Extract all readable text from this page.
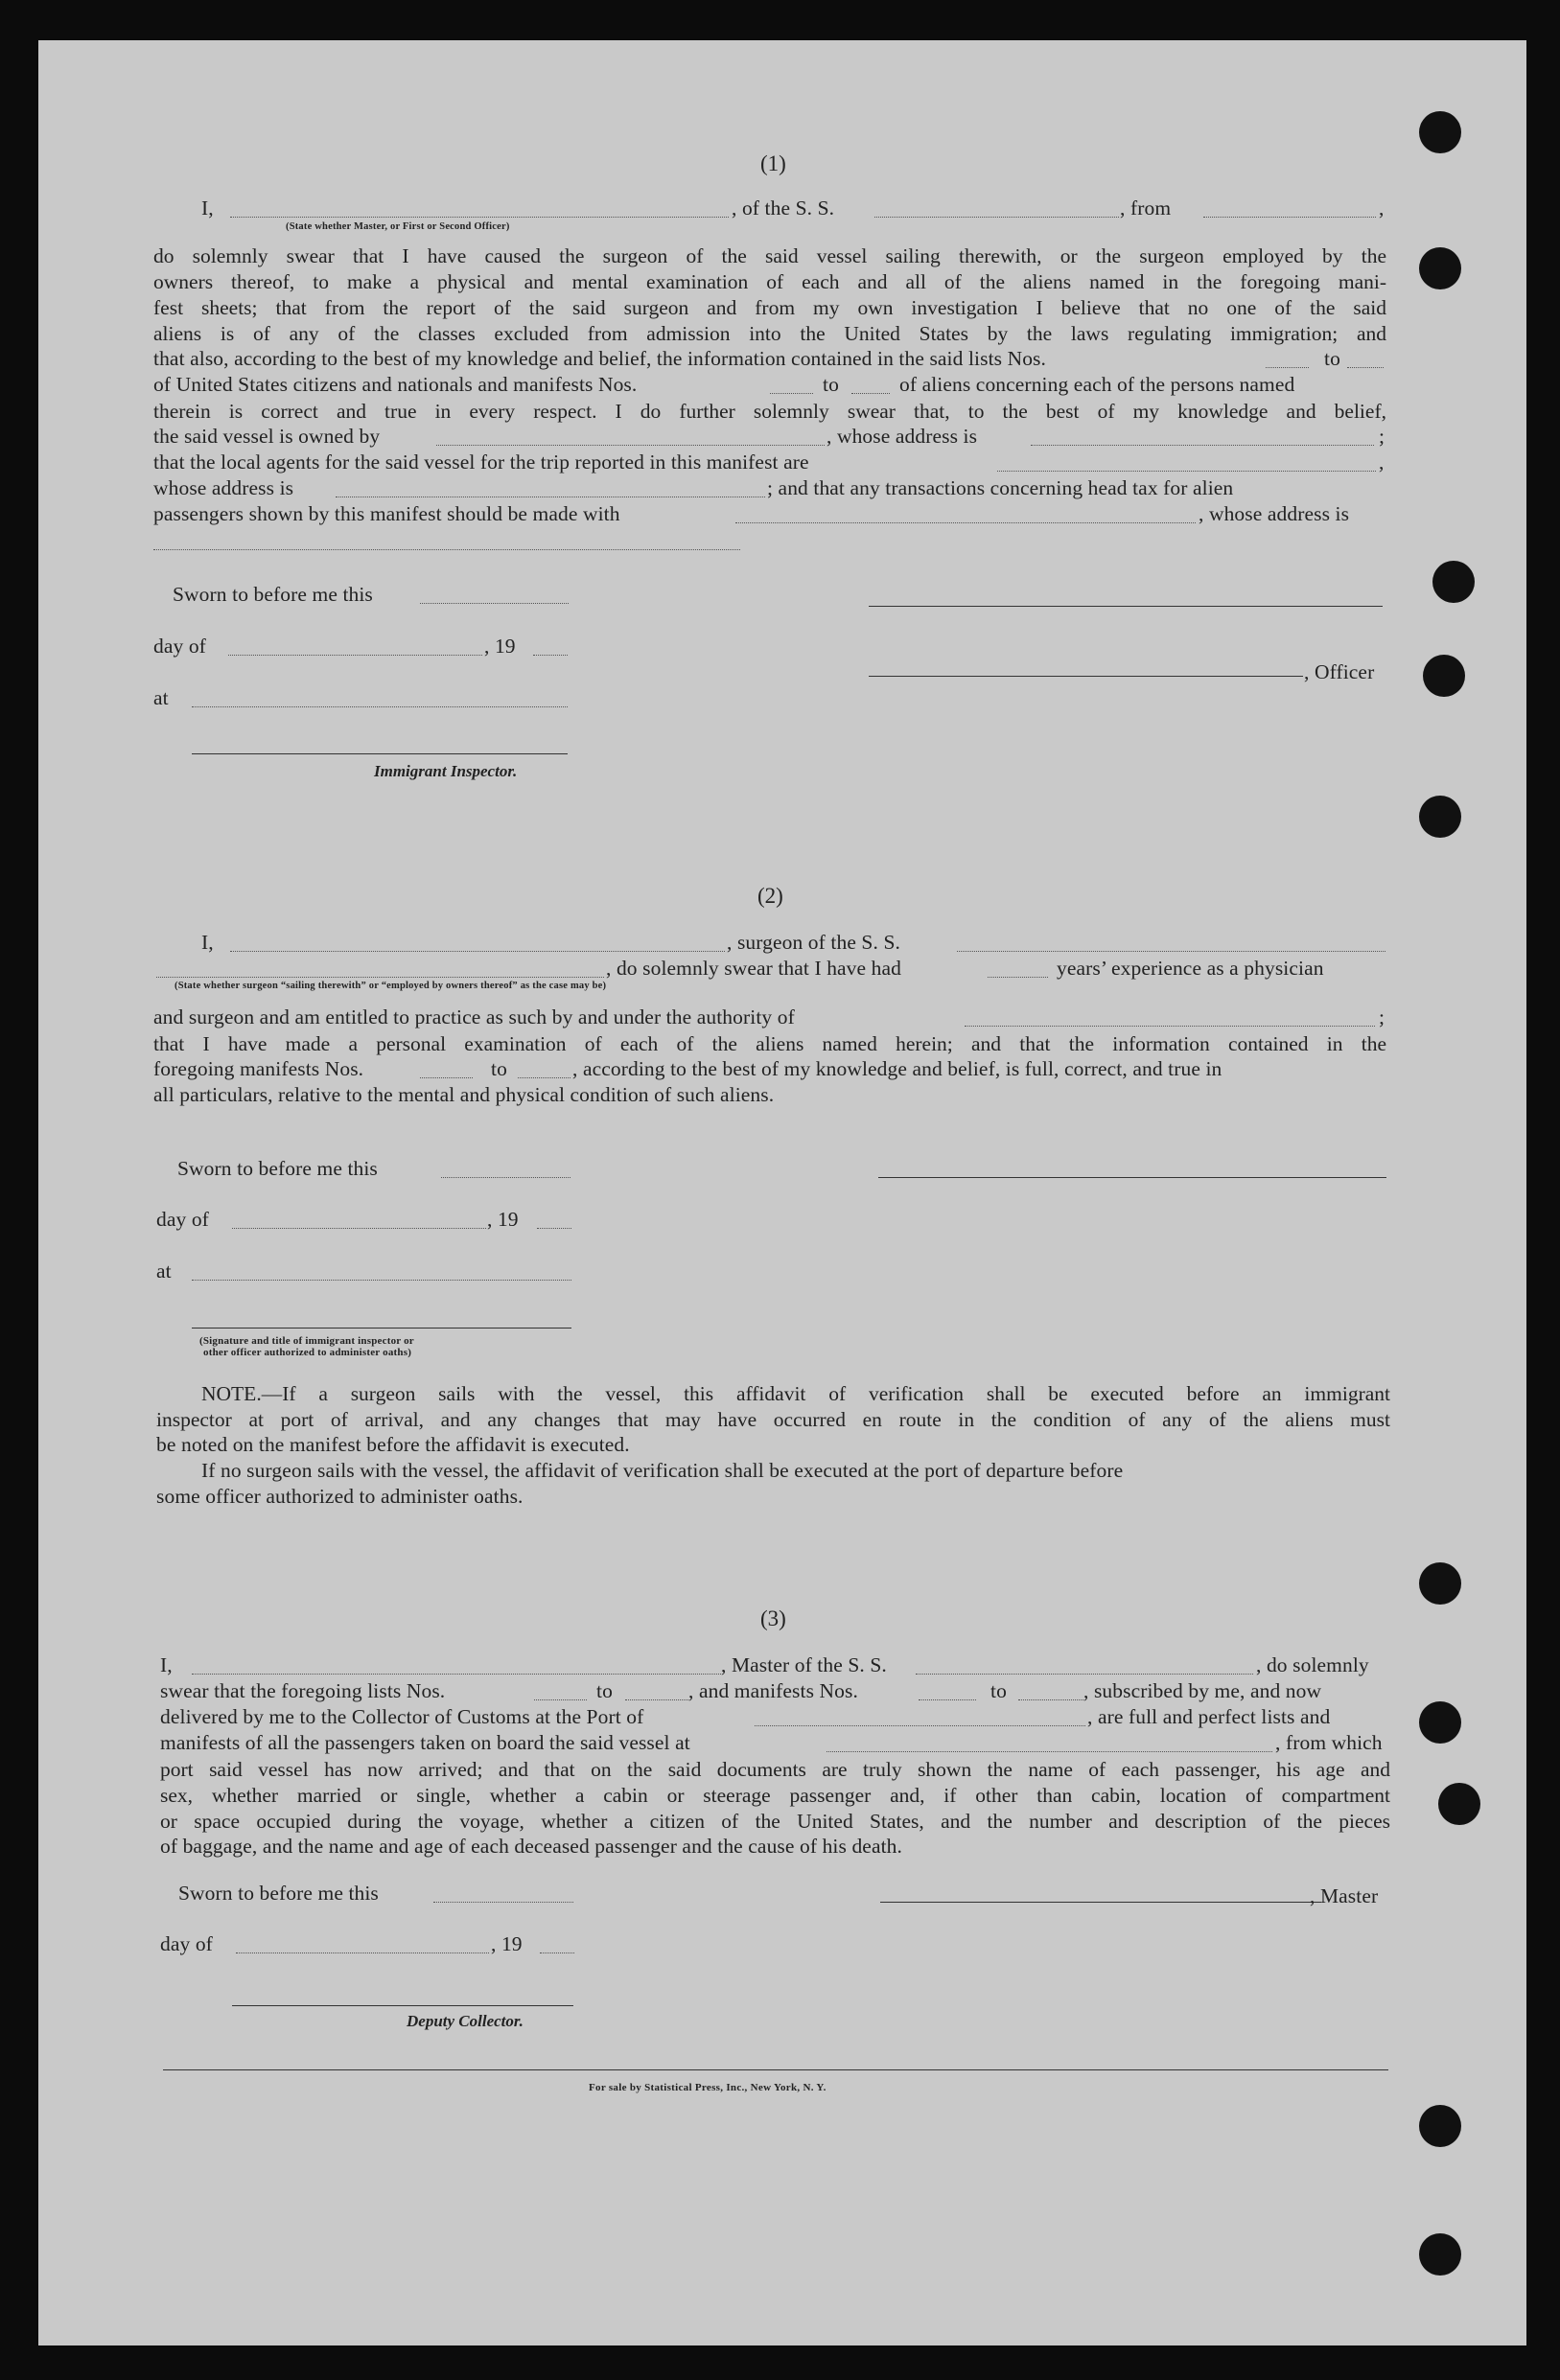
(1)
I,	, of the S. S.	, from	,
(State whether Master, or First or Second Officer)
do solemnly swear that I have caused the surgeon of the said vessel sailing therewith, or the surgeon employed by the
owners thereof, to make a physical and mental examination of each and all of the aliens named in the foregoing mani-
fest sheets; that from the report of the said surgeon and from my own investigation I believe that no one of the said
aliens is of any of the classes excluded from admission into the United States by the laws regulating immigration; and
that also, according to the best of my knowledge and belief, the information contained in the said lists Nos.	to
of United States citizens and nationals and manifests Nos.	to	of aliens concerning each of the persons named
therein is correct and true in every respect. I do further solemnly swear that, to the best of my knowledge and belief,
the said vessel is owned by	, whose address is	;
that the local agents for the said vessel for the trip reported in this manifest are	,
whose address is	; and that any transactions concerning head tax for alien
passengers shown by this manifest should be made with	, whose address is
Sworn to before me this
day of	, 19
, Officer
at
Immigrant Inspector.
(2)
I,	, surgeon of the S. S.
, do solemnly swear that I have had	years’ experience as a physician
(State whether surgeon “sailing therewith” or “employed by owners thereof” as the case may be)
and surgeon and am entitled to practice as such by and under the authority of	;
that I have made a personal examination of each of the aliens named herein; and that the information contained in the
foregoing manifests Nos.	to	, according to the best of my knowledge and belief, is full, correct, and true in
all particulars, relative to the mental and physical condition of such aliens.
Sworn to before me this
day of	, 19
at
(Signature and title of immigrant inspector or
other officer authorized to administer oaths)
NOTE.—If a surgeon sails with the vessel, this affidavit of verification shall be executed before an immigrant
inspector at port of arrival, and any changes that may have occurred en route in the condition of any of the aliens must
be noted on the manifest before the affidavit is executed.
If no surgeon sails with the vessel, the affidavit of verification shall be executed at the port of departure before
some officer authorized to administer oaths.
(3)
I,	, Master of the S. S.	, do solemnly
swear that the foregoing lists Nos.	to	, and manifests Nos.	to	, subscribed by me, and now
delivered by me to the Collector of Customs at the Port of	, are full and perfect lists and
manifests of all the passengers taken on board the said vessel at	, from which
port said vessel has now arrived; and that on the said documents are truly shown the name of each passenger, his age and
sex, whether married or single, whether a cabin or steerage passenger and, if other than cabin, location of compartment
or space occupied during the voyage, whether a citizen of the United States, and the number and description of the pieces
of baggage, and the name and age of each deceased passenger and the cause of his death.
Sworn to before me this	, Master
day of	, 19
Deputy Collector.
For sale by Statistical Press, Inc., New York, N. Y.
